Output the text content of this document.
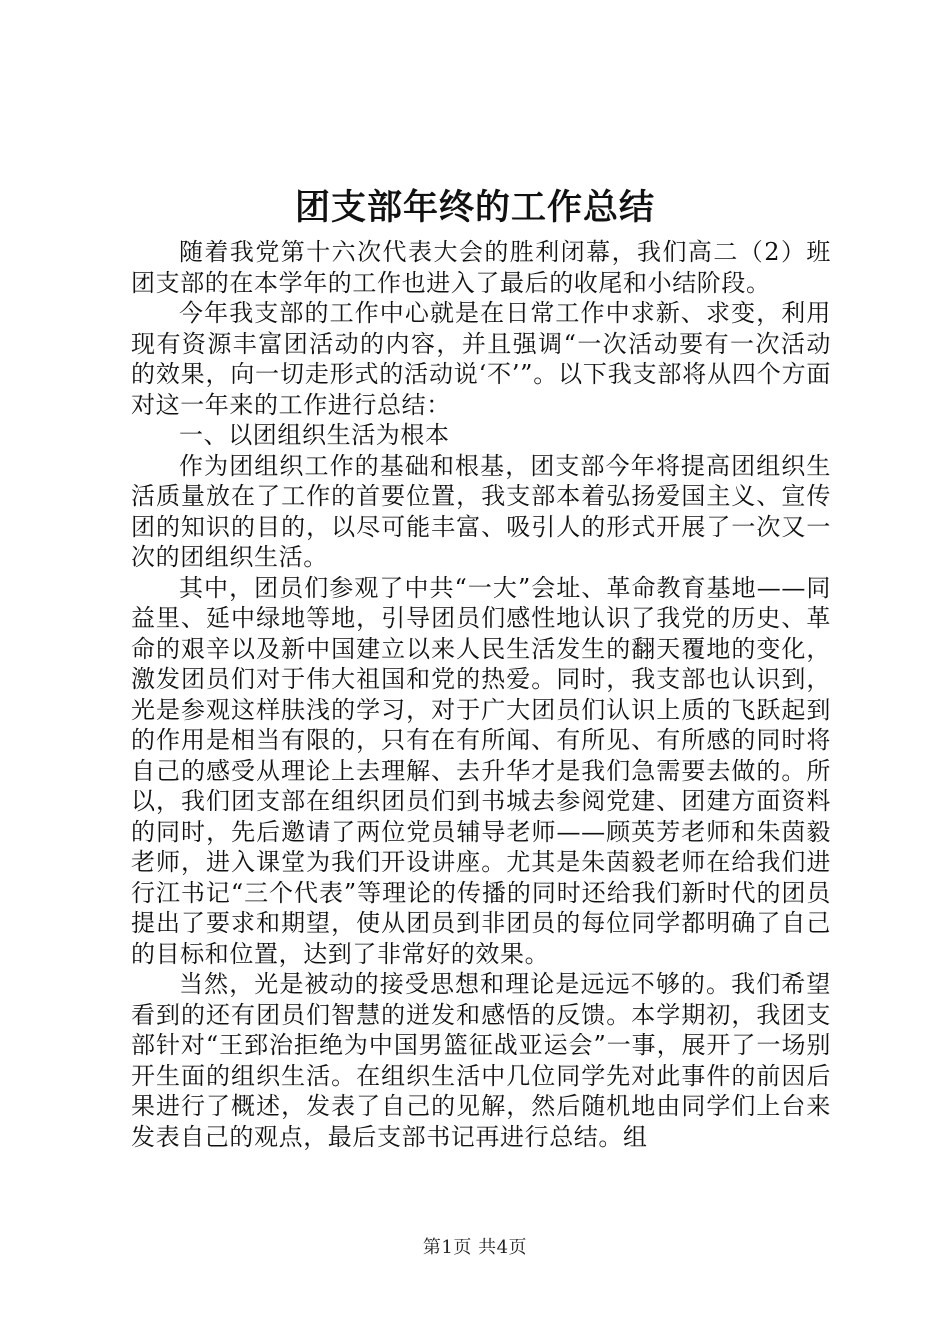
团支部年终的工作总结

随着我党第十六次代表大会的胜利闭幕，我们高二（2）班团支部的在本学年的工作也进入了最后的收尾和小结阶段。

今年我支部的工作中心就是在日常工作中求新、求变，利用现有资源丰富团活动的内容，并且强调“一次活动要有一次活动的效果，向一切走形式的活动说‘不’”。以下我支部将从四个方面对这一年来的工作进行总结：

一、以团组织生活为根本

作为团组织工作的基础和根基，团支部今年将提高团组织生活质量放在了工作的首要位置，我支部本着弘扬爱国主义、宣传团的知识的目的，以尽可能丰富、吸引人的形式开展了一次又一次的团组织生活。

其中，团员们参观了中共“一大”会址、革命教育基地——同益里、延中绿地等地，引导团员们感性地认识了我党的历史、革命的艰辛以及新中国建立以来人民生活发生的翻天覆地的变化，激发团员们对于伟大祖国和党的热爱。同时，我支部也认识到，光是参观这样肤浅的学习，对于广大团员们认识上质的飞跃起到的作用是相当有限的，只有在有所闻、有所见、有所感的同时将自己的感受从理论上去理解、去升华才是我们急需要去做的。所以，我们团支部在组织团员们到书城去参阅党建、团建方面资料的同时，先后邀请了两位党员辅导老师——顾英芳老师和朱茵毅老师，进入课堂为我们开设讲座。尤其是朱茵毅老师在给我们进行江书记“三个代表”等理论的传播的同时还给我们新时代的团员提出了要求和期望，使从团员到非团员的每位同学都明确了自己的目标和位置，达到了非常好的效果。

当然，光是被动的接受思想和理论是远远不够的。我们希望看到的还有团员们智慧的迸发和感悟的反馈。本学期初，我团支部针对“王郅治拒绝为中国男篮征战亚运会”一事，展开了一场别开生面的组织生活。在组织生活中几位同学先对此事件的前因后果进行了概述，发表了自己的见解，然后随机地由同学们上台来发表自己的观点，最后支部书记再进行总结。组

第1页 共4页
